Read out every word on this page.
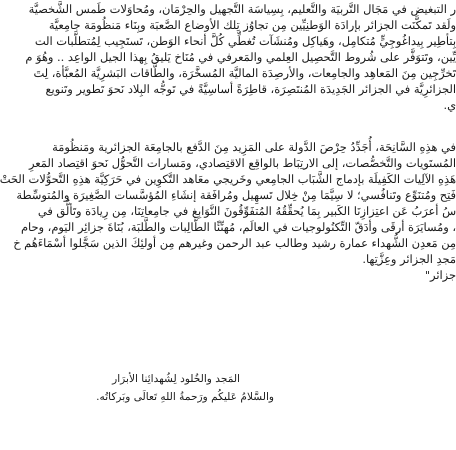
ر التبغيض في مَجَال التَّربيَة والتَّعليم، بِسِياسَة التَّجهيل والحِرْمَان، ومُحاوَلات طَمس الشَّخصيَّة
ولَقد تَمكَّنَت الجزائر بإرادَة الوَطنِيِّين مِن تجاوُز تِلك الأوضاع الصَّعبَة وبِنَاء مَنظُومَة جامِعيَّة
بِتأطِير بِيداغُوجِيٍّ مُتكامِل، وهَياكِل ومُنشَآت تُغطِّي كُلَّ أنحاء الوَطن، تَستَجِيب لِمُتطلَّبات الت
يِّين، وتَتوَفَّر على شُروط التَّحصِيل العِلمي والمَعرفي في مُنَاخ يَليقُ بِهذا الجيل الواعِد .. وهُوَ م
تَخرِّجِين مِنَ المَعاهِد والجامِعات، والأرصِدَة الماليَّة المُسخَّرَة، والطَّاقات البَشرِيَّة المُعبَّأة، لِتَ
الجزائرِيَّة في الجزائر الجَدِيدَة المُنتَصِرَة، قاطِرَةً أساسِيَّةً في تَوجُّه البِلاد نَحوَ تَطوير وتَنويع
ي.
في هذِهِ السَّانِحَة، أُجَدِّدُ حِرْصَ الدَّولة على المَزِيد مِنَ الدَّفع بالجامِعَة الجزائرية ومَنظُومَة
المُستَويات والتَّخصُّصات، إلى الارتِبَاط بالواقِع الاقتِصادي، ومَسارات التَّحوُّل نَحوَ اقتِصاد المَعرِ
هَذِهِ الآلِيات الكَفِيلَة بإدماج الشَّبَاب الجامِعي وخَريجي معَاهد التَّكوِين في حَرَكِيَّة هذِهِ التَّحوُّلات الحَتْ
فَتِح ومُتنَوِّع وتَنافُسي؛ لا سِيَّمَا مِنْ خِلال تَسهِيل ومُرافَقة إنشَاءِ المُؤسَّسات الصَّغِيرَة والمُتوسِّطة
سُ أعرَبُ عَن اعتِزازِنَا الكَبير بِمَا يُحقِّقُهُ المُتفَوِّقُونَ النَّوَابِغ في جامِعاتِنَا، مِن رِيادَة وتَألُّق في
، ومُسايَرَة أرقَى وأدَقّ التِّكنُولوجيات في العالَم، مُهنِّئًا الطَّالِبات والطَّلبَة، بُنَاةَ جزائِر اليَوم، وحام
مِن مَعدِن الشُّهداء عمارة رشيد وطالب عبد الرحمن وغيرهم مِن أولئِكَ الذين سَجَّلوا أسْمَاءَهُم خ
مَجدِ الجزائر وعِزَّتِها.
جزائر"
المَجد والخُلود لِشُهدائِنا الأبرَار
والسَّلامُ عَليكُم ورَحمةُ اللهِ تَعالَى وبَركاتُه.
